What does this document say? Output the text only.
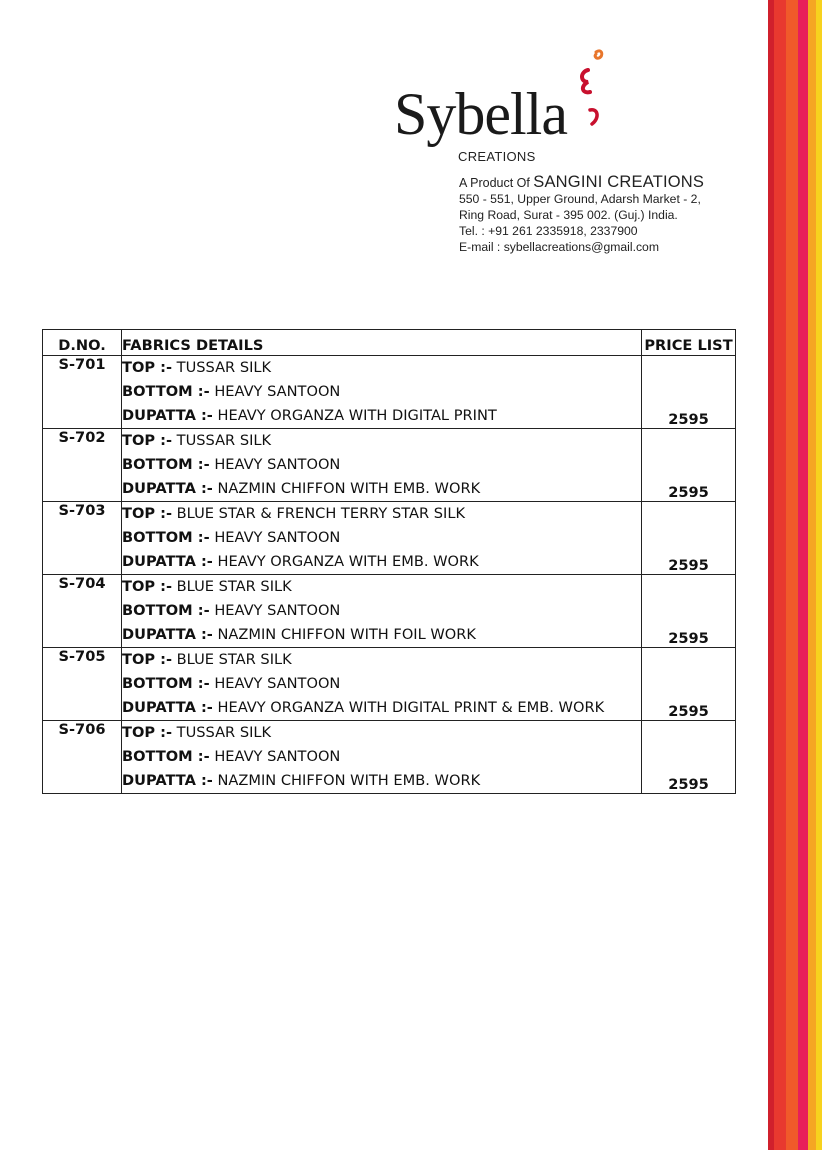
Sybella
CREATIONS
A Product Of SANGINI CREATIONS
550 - 551, Upper Ground, Adarsh Market - 2,
Ring Road, Surat - 395 002. (Guj.) India.
Tel. : +91 261 2335918, 2337900
E-mail : sybellacreations@gmail.com
D.NO.	FABRICS DETAILS	PRICE LIST
S-701	TOP :- TUSSAR SILK
BOTTOM :- HEAVY SANTOON
DUPATTA :- HEAVY ORGANZA WITH DIGITAL PRINT	2595
S-702	TOP :- TUSSAR SILK
BOTTOM :- HEAVY SANTOON
DUPATTA :- NAZMIN CHIFFON WITH EMB. WORK	2595
S-703	TOP :- BLUE STAR & FRENCH TERRY STAR SILK
BOTTOM :- HEAVY SANTOON
DUPATTA :- HEAVY ORGANZA WITH EMB. WORK	2595
S-704	TOP :- BLUE STAR SILK
BOTTOM :- HEAVY SANTOON
DUPATTA :- NAZMIN CHIFFON WITH FOIL WORK	2595
S-705	TOP :- BLUE STAR SILK
BOTTOM :- HEAVY SANTOON
DUPATTA :- HEAVY ORGANZA WITH DIGITAL PRINT & EMB. WORK	2595
S-706	TOP :- TUSSAR SILK
BOTTOM :- HEAVY SANTOON
DUPATTA :- NAZMIN CHIFFON WITH EMB. WORK	2595
